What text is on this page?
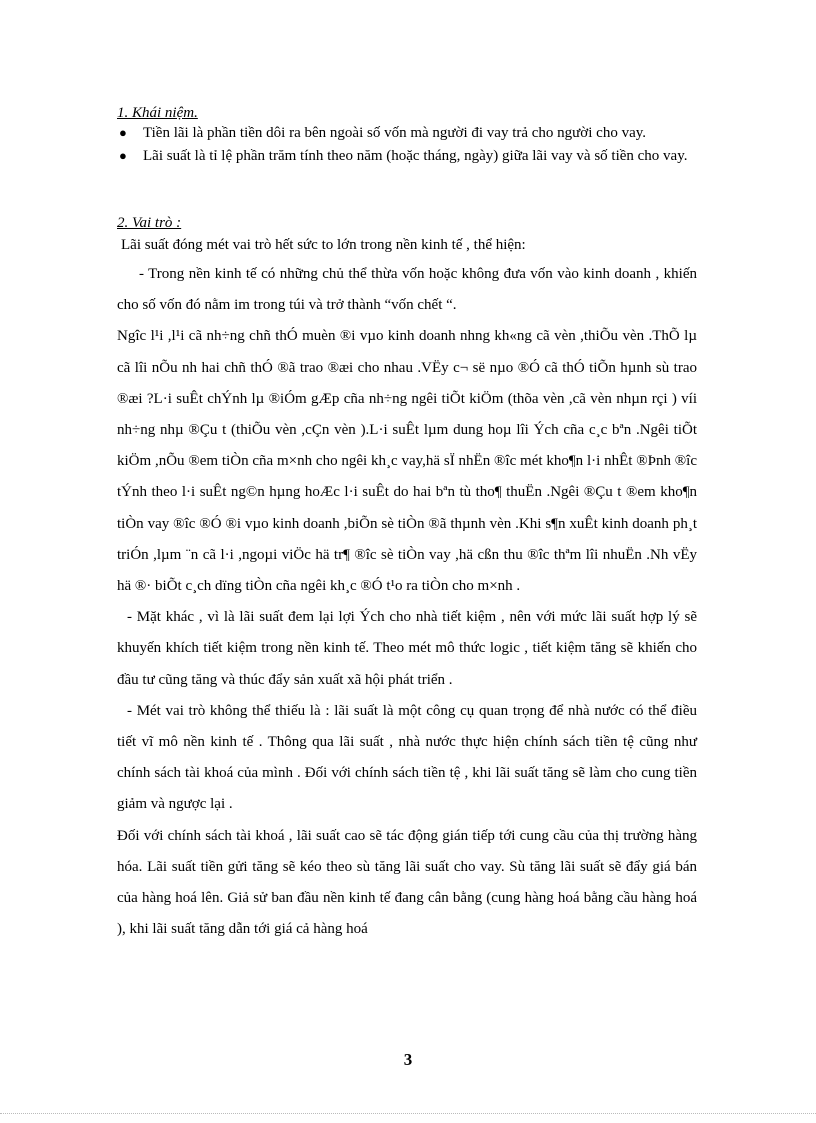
1. Khái niệm.

● Tiền lãi là phần tiền dôi ra bên ngoài số vốn mà người đi vay trả cho người cho vay.
● Lãi suất là tỉ lệ phần trăm tính theo năm (hoặc tháng, ngày) giữa lãi vay và số tiền cho vay.

2. Vai trò :

Lãi suất đóng mét vai trò hết sức to lớn trong nền kinh tế , thể hiện:

- Trong nền kinh tế có những chủ thể thừa vốn hoặc không đưa vốn vào kinh doanh , khiến cho số vốn đó nằm im trong túi và trở thành “vốn chết “.

Ngîc l¹i ,l¹i cã nh÷ng chñ thÓ muèn ®i vµo kinh doanh nhng kh«ng cã vèn ,thiÕu vèn .ThÕ lµ cã lîi nÕu nh hai chñ thÓ ®ã trao ®æi cho nhau .VËy c¬ së nµo ®Ó cã thÓ tiÕn hµnh sù trao ®æi ?L·i suÊt chÝnh lµ ®iÓm gÆp cña nh÷ng ngêi tiÕt kiÖm (thõa vèn ,cã vèn nhµn rçi ) víi nh÷ng nhµ ®Çu t (thiÕu vèn ,cÇn vèn ).L·i suÊt lµm dung hoµ lîi Ých cña c¸c bªn .Ngêi tiÕt kiÖm ,nÕu ®em tiÒn cña m×nh cho ngêi kh¸c vay,hä sÏ nhËn ®îc mét kho¶n l·i nhÊt ®Þnh ®îc tÝnh theo l·i suÊt ng©n hµng hoÆc l·i suÊt do hai bªn tù tho¶ thuËn .Ngêi ®Çu t ®em kho¶n tiÒn vay ®îc ®Ó ®i vµo kinh doanh ,biÕn sè tiÒn ®ã thµnh vèn .Khi s¶n xuÊt kinh doanh ph¸t triÓn ,lµm ¨n cã l·i ,ngoµi viÖc hä tr¶ ®îc sè tiÒn vay ,hä cßn thu ®îc thªm lîi nhuËn .Nh vËy hä ®· biÕt c¸ch dïng tiÒn cña ngêi kh¸c ®Ó t¹o ra tiÒn cho m×nh .

- Mặt khác , vì là lãi suất đem lại lợi Ých cho nhà tiết kiệm , nên với mức lãi suất hợp lý sẽ khuyến khích tiết kiệm trong nền kinh tế. Theo mét mô thức logic , tiết kiệm tăng sẽ khiến cho đầu tư cũng tăng và thúc đẩy sản xuất xã hội phát triển .

- Mét vai trò không thể thiếu là : lãi suất là một công cụ quan trọng để nhà nước có thể điều tiết vĩ mô nền kinh tế . Thông qua lãi suất , nhà nước thực hiện chính sách tiền tệ cũng như chính sách tài khoá của mình . Đối với chính sách tiền tệ , khi lãi suất tăng sẽ làm cho cung tiền giảm và ngược lại .

Đối với chính sách tài khoá , lãi suất cao sẽ tác động gián tiếp tới cung cầu của thị trường hàng hóa. Lãi suất tiền gửi tăng sẽ kéo theo sù tăng lãi suất cho vay. Sù tăng lãi suất sẽ đẩy giá bán của hàng hoá lên. Giả sử ban đầu nền kinh tế đang cân bằng (cung hàng hoá bằng cầu hàng hoá ), khi lãi suất tăng dẫn tới giá cả hàng hoá

3
